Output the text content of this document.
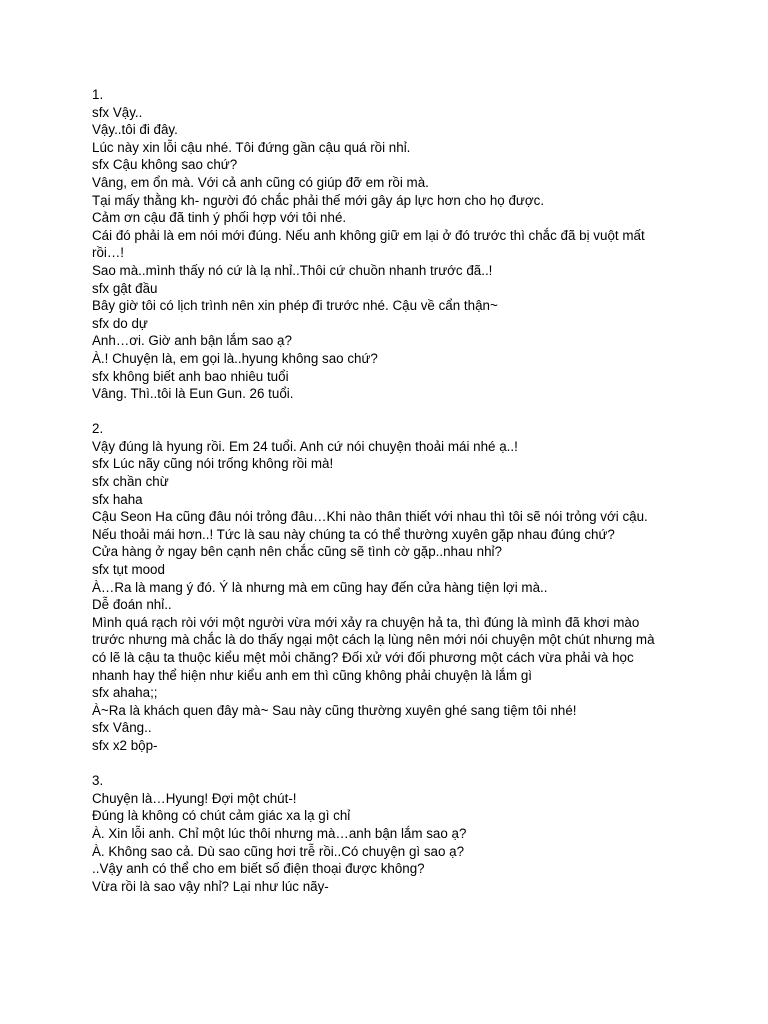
1.
sfx Vậy..
Vậy..tôi đi đây.
Lúc này xin lỗi cậu nhé. Tôi đứng gần cậu quá rồi nhỉ.
sfx Cậu không sao chứ?
Vâng, em ổn mà. Với cả anh cũng có giúp đỡ em rồi mà.
Tại mấy thằng kh- người đó chắc phải thế mới gây áp lực hơn cho họ được.
Cảm ơn cậu đã tinh ý phối hợp với tôi nhé.
Cái đó phải là em nói mới đúng. Nếu anh không giữ em lại ở đó trước thì chắc đã bị vuột mất rồi…!
Sao mà..mình thấy nó cứ là lạ nhỉ..Thôi cứ chuồn nhanh trước đã..!
sfx gật đầu
Bây giờ tôi có lịch trình nên xin phép đi trước nhé. Cậu về cẩn thận~
sfx do dự
Anh…ơi. Giờ anh bận lắm sao ạ?
À.! Chuyện là, em gọi là..hyung không sao chứ?
sfx không biết anh bao nhiêu tuổi
Vâng. Thì..tôi là Eun Gun. 26 tuổi.
2.
Vậy đúng là hyung rồi. Em 24 tuổi. Anh cứ nói chuyện thoải mái nhé ạ..!
sfx Lúc nãy cũng nói trống không rồi mà!
sfx chần chừ
sfx haha
Cậu Seon Ha cũng đâu nói trỏng đâu…Khi nào thân thiết với nhau thì tôi sẽ nói trỏng với cậu.
Nếu thoải mái hơn..! Tức là sau này chúng ta có thể thường xuyên gặp nhau đúng chứ?
Cửa hàng ở ngay bên cạnh nên chắc cũng sẽ tình cờ gặp..nhau nhỉ?
sfx tụt mood
À…Ra là mang ý đó. Ý là nhưng mà em cũng hay đến cửa hàng tiện lợi mà..
Dễ đoán nhỉ..
Mình quá rạch ròi với một người vừa mới xảy ra chuyện hả ta, thì đúng là mình đã khơi mào trước nhưng mà chắc là do thấy ngại một cách lạ lùng nên mới nói chuyện một chút nhưng mà có lẽ là cậu ta thuộc kiểu mệt mỏi chăng? Đối xử với đối phương một cách vừa phải và học nhanh hay thể hiện như kiểu anh em thì cũng không phải chuyện là lắm gì
sfx ahaha;;
À~Ra là khách quen đây mà~ Sau này cũng thường xuyên ghé sang tiệm tôi nhé!
sfx Vâng..
sfx x2 bộp-
3.
Chuyện là…Hyung! Đợi một chút-!
Đúng là không có chút cảm giác xa lạ gì chỉ
À. Xin lỗi anh. Chỉ một lúc thôi nhưng mà…anh bận lắm sao ạ?
À. Không sao cả. Dù sao cũng hơi trễ rồi..Có chuyện gì sao ạ?
..Vậy anh có thể cho em biết số điện thoại được không?
Vừa rồi là sao vậy nhỉ? Lại như lúc nãy-
